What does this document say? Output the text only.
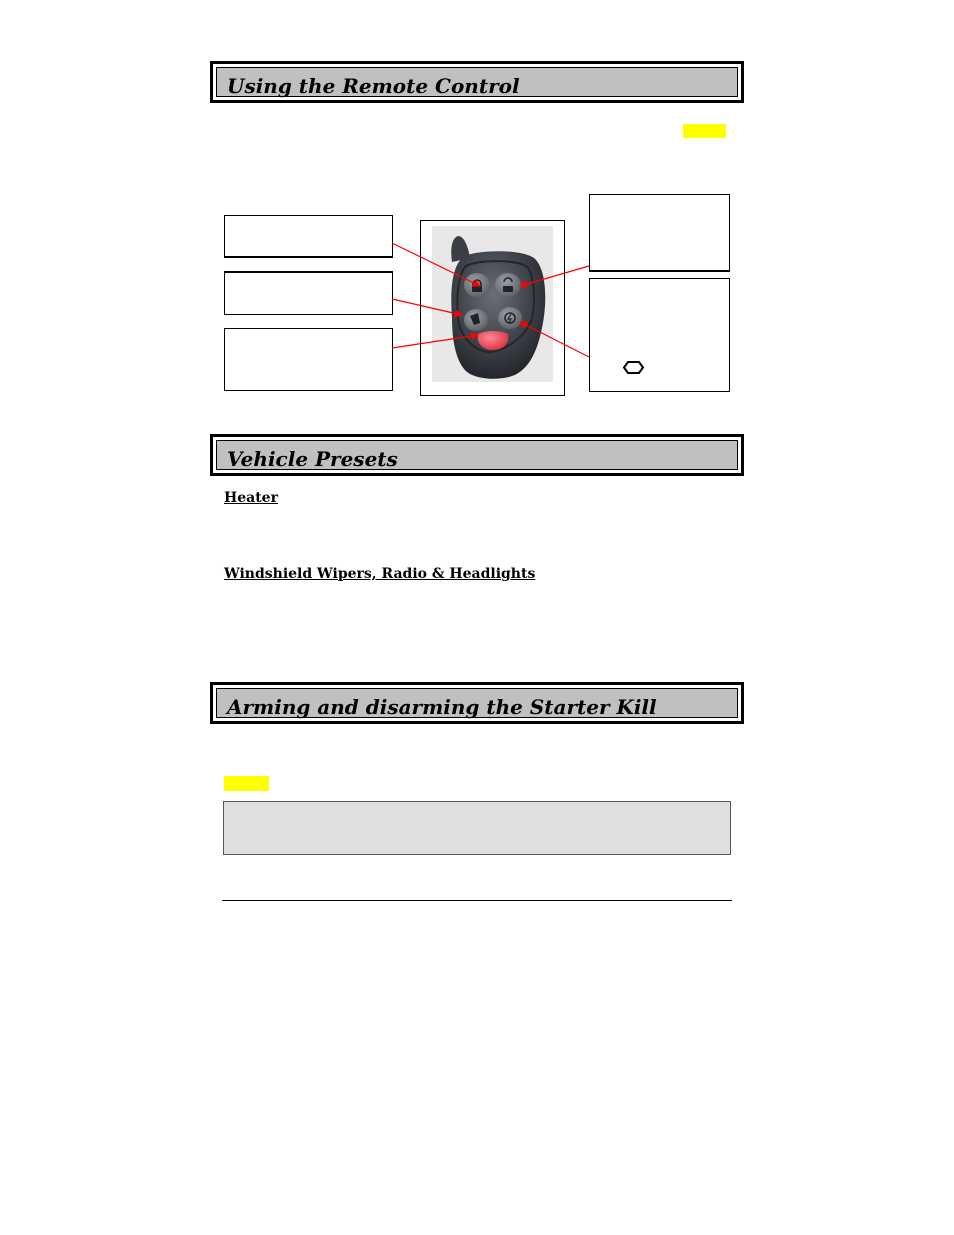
Using the Remote Control
Vehicle Presets
Heater
Windshield Wipers, Radio & Headlights
Arming and disarming the Starter Kill
